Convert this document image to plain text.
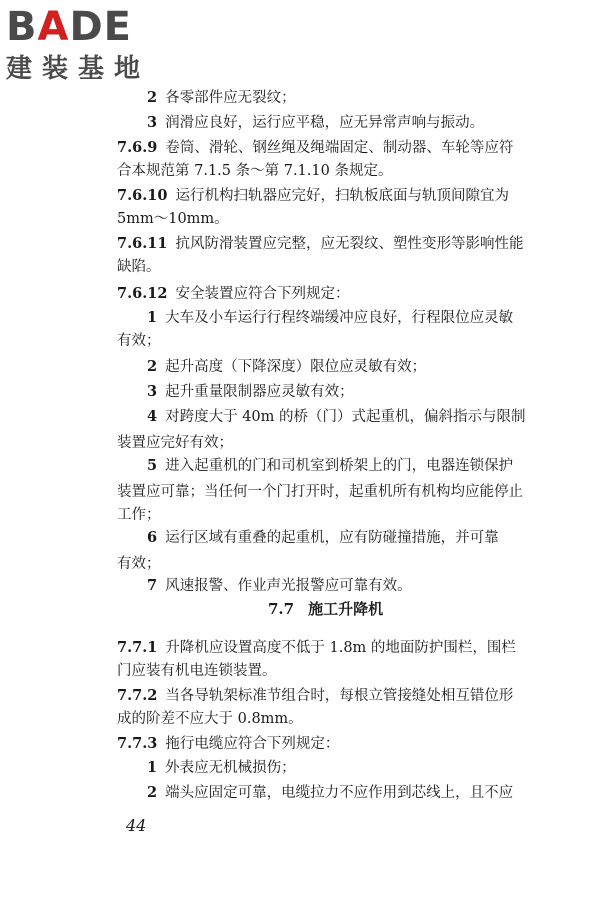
BADE
建装基地
2 各零部件应无裂纹；
3 润滑应良好，运行应平稳，应无异常声响与振动。
7.6.9 卷筒、滑轮、钢丝绳及绳端固定、制动器、车轮等应符
合本规范第 7.1.5 条～第 7.1.10 条规定。
7.6.10 运行机构扫轨器应完好，扫轨板底面与轨顶间隙宜为
5mm～10mm。
7.6.11 抗风防滑装置应完整，应无裂纹、塑性变形等影响性能
缺陷。
7.6.12 安全装置应符合下列规定：
1 大车及小车运行行程终端缓冲应良好，行程限位应灵敏
有效；
2 起升高度（下降深度）限位应灵敏有效；
3 起升重量限制器应灵敏有效；
4 对跨度大于 40m 的桥（门）式起重机，偏斜指示与限制
装置应完好有效；
5 进入起重机的门和司机室到桥架上的门，电器连锁保护
装置应可靠；当任何一个门打开时，起重机所有机构均应能停止
工作；
6 运行区域有重叠的起重机，应有防碰撞措施，并可靠
有效；
7 风速报警、作业声光报警应可靠有效。
7.7 施工升降机
7.7.1 升降机应设置高度不低于 1.8m 的地面防护围栏，围栏
门应装有机电连锁装置。
7.7.2 当各导轨架标准节组合时，每根立管接缝处相互错位形
成的阶差不应大于 0.8mm。
7.7.3 拖行电缆应符合下列规定：
1 外表应无机械损伤；
2 端头应固定可靠，电缆拉力不应作用到芯线上，且不应
44
